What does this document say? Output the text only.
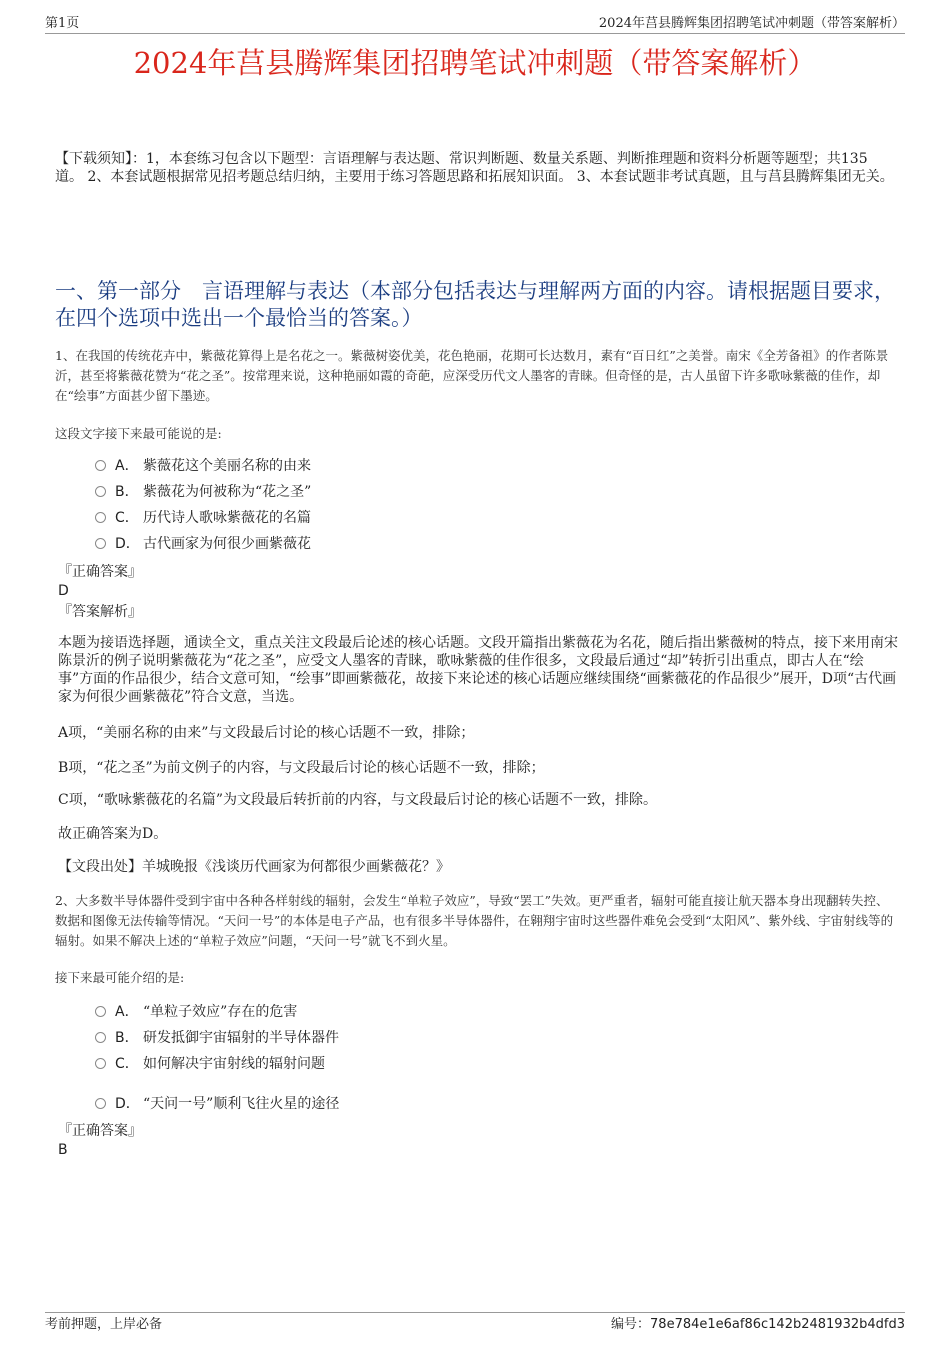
第1页	2024年莒县腾辉集团招聘笔试冲刺题（带答案解析）
2024年莒县腾辉集团招聘笔试冲刺题（带答案解析）
【下载须知】：1，本套练习包含以下题型：言语理解与表达题、常识判断题、数量关系题、判断推理题和资料分析题等题型；共135道。 2、本套试题根据常见招考题总结归纳，主要用于练习答题思路和拓展知识面。 3、本套试题非考试真题，且与莒县腾辉集团无关。
一、第一部分　言语理解与表达（本部分包括表达与理解两方面的内容。请根据题目要求，在四个选项中选出一个最恰当的答案。）
1、在我国的传统花卉中，紫薇花算得上是名花之一。紫薇树姿优美，花色艳丽，花期可长达数月，素有“百日红”之美誉。南宋《全芳备祖》的作者陈景沂，甚至将紫薇花赞为“花之圣”。按常理来说，这种艳丽如霞的奇葩，应深受历代文人墨客的青睐。但奇怪的是，古人虽留下许多歌咏紫薇的佳作，却在“绘事”方面甚少留下墨迹。
这段文字接下来最可能说的是:
A． 紫薇花这个美丽名称的由来
B． 紫薇花为何被称为“花之圣”
C． 历代诗人歌咏紫薇花的名篇
D． 古代画家为何很少画紫薇花
『正确答案』
D
『答案解析』
本题为接语选择题，通读全文，重点关注文段最后论述的核心话题。文段开篇指出紫薇花为名花，随后指出紫薇树的特点，接下来用南宋陈景沂的例子说明紫薇花为“花之圣”，应受文人墨客的青睐，歌咏紫薇的佳作很多，文段最后通过“却”转折引出重点，即古人在“绘事”方面的作品很少，结合文意可知，“绘事”即画紫薇花，故接下来论述的核心话题应继续围绕“画紫薇花的作品很少”展开，D项“古代画家为何很少画紫薇花”符合文意，当选。
A项，“美丽名称的由来”与文段最后讨论的核心话题不一致，排除；
B项，“花之圣”为前文例子的内容，与文段最后讨论的核心话题不一致，排除；
C项，“歌咏紫薇花的名篇”为文段最后转折前的内容，与文段最后讨论的核心话题不一致，排除。
故正确答案为D。
【文段出处】羊城晚报《浅谈历代画家为何都很少画紫薇花？》
2、大多数半导体器件受到宇宙中各种各样射线的辐射，会发生“单粒子效应”，导致“罢工”失效。更严重者，辐射可能直接让航天器本身出现翻转失控、数据和图像无法传输等情况。“天问一号”的本体是电子产品，也有很多半导体器件，在翱翔宇宙时这些器件难免会受到“太阳风”、紫外线、宇宙射线等的辐射。如果不解决上述的“单粒子效应”问题，“天问一号”就飞不到火星。
接下来最可能介绍的是:
A． “单粒子效应”存在的危害
B． 研发抵御宇宙辐射的半导体器件
C． 如何解决宇宙射线的辐射问题
D． “天问一号”顺利飞往火星的途径
『正确答案』
B
考前押题，上岸必备	编号：78e784e1e6af86c142b2481932b4dfd3
